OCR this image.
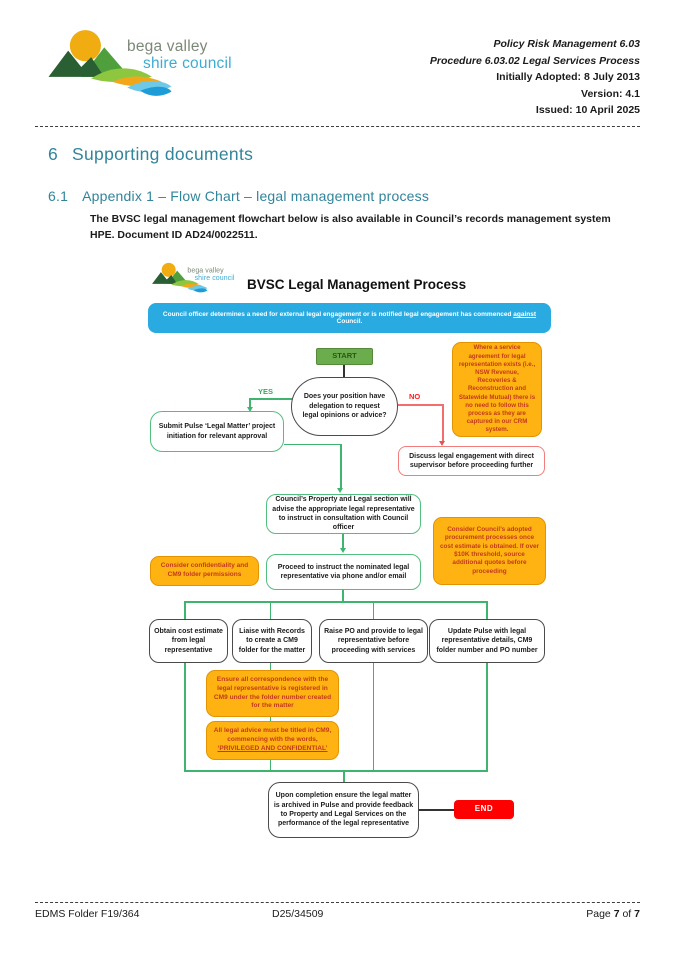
bega valley
shire council
Policy Risk Management 6.03
Procedure 6.03.02 Legal Services Process
Initially Adopted: 8 July 2013
Version: 4.1
Issued: 10 April 2025
6 Supporting documents
6.1 Appendix 1 – Flow Chart – legal management process
The BVSC legal management flowchart below is also available in Council’s records management system HPE. Document ID AD24/0022511.
bega valley
shire council BVSC Legal Management Process
Council officer determines a need for external legal engagement or is notified legal engagement has commenced against Council.
START
Does your position have delegation to request legal opinions or advice?
Where a service agreement for legal representation exists (i.e., NSW Revenue, Recoveries & Reconstruction and Statewide Mutual) there is no need to follow this process as they are captured in our CRM system.
YES
NO
Submit Pulse ‘Legal Matter’ project initiation for relevant approval
Discuss legal engagement with direct supervisor before proceeding further
Council’s Property and Legal section will advise the appropriate legal representative to instruct in consultation with Council officer	Consider Council’s adopted procurement processes once cost estimate is obtained. If over $10K threshold, source additional quotes before proceeding
Consider confidentiality and CM9 folder permissions
Proceed to instruct the nominated legal representative via phone and/or email
Obtain cost estimate from legal representative
Liaise with Records to create a CM9 folder for the matter
Raise PO and provide to legal representative before proceeding with services
Update Pulse with legal representative details, CM9 folder number and PO number
Ensure all correspondence with the legal representative is registered in CM9 under the folder number created for the matter
All legal advice must be titled in CM9, commencing with the words, ‘PRIVILEGED AND CONFIDENTIAL’
Upon completion ensure the legal matter is archived in Pulse and provide feedback to Property and Legal Services on the performance of the legal representative
END
EDMS Folder F19/364	D25/34509	Page 7 of 7
